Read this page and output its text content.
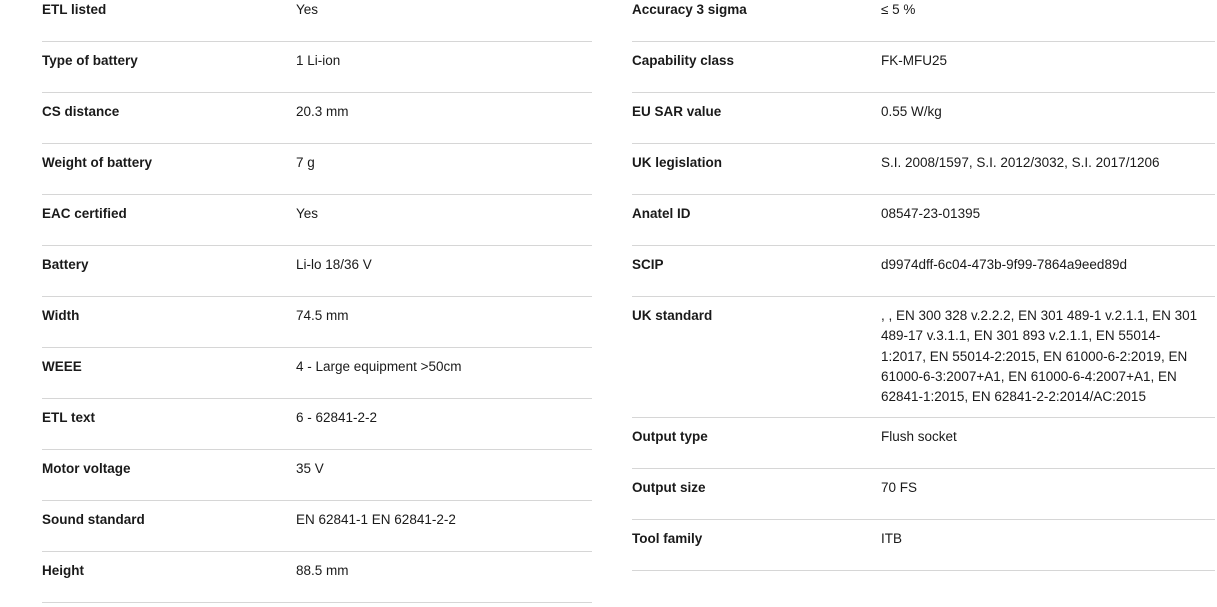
ETL listed	Yes
Type of battery	1 Li-ion
CS distance	20.3 mm
Weight of battery	7 g
EAC certified	Yes
Battery	Li-lo 18/36 V
Width	74.5 mm
WEEE	4 - Large equipment >50cm
ETL text	6 - 62841-2-2
Motor voltage	35 V
Sound standard	EN 62841-1 EN 62841-2-2
Height	88.5 mm
Accuracy 3 sigma	≤ 5 %
Capability class	FK-MFU25
EU SAR value	0.55 W/kg
UK legislation	S.I. 2008/1597, S.I. 2012/3032, S.I. 2017/1206
Anatel ID	08547-23-01395
SCIP	d9974dff-6c04-473b-9f99-7864a9eed89d
UK standard	, , EN 300 328 v.2.2.2, EN 301 489-1 v.2.1.1, EN 301 489-17 v.3.1.1, EN 301 893 v.2.1.1, EN 55014-1:2017, EN 55014-2:2015, EN 61000-6-2:2019, EN 61000-6-3:2007+A1, EN 61000-6-4:2007+A1, EN 62841-1:2015, EN 62841-2-2:2014/AC:2015
Output type	Flush socket
Output size	70 FS
Tool family	ITB
